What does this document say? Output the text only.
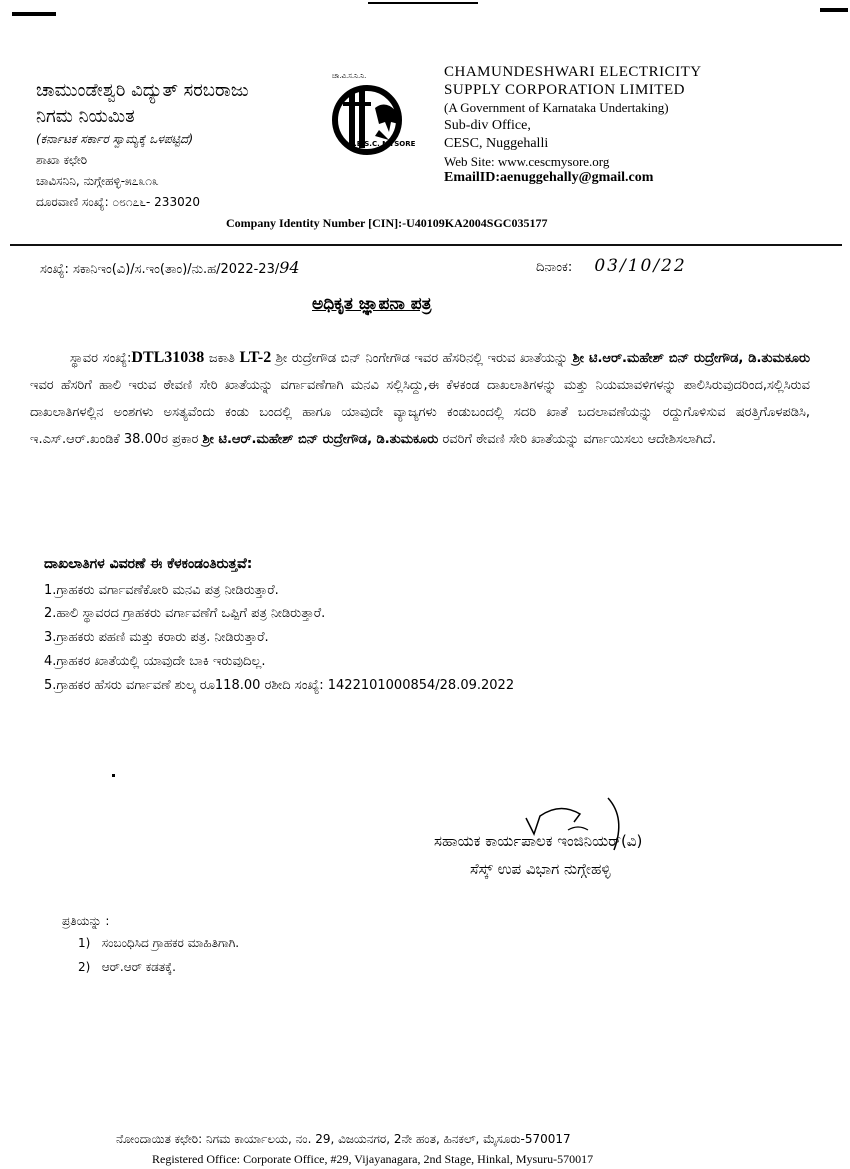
ಚಾಮುಂಡೇಶ್ವರಿ ವಿದ್ಯುತ್ ಸರಬರಾಜು
ನಿಗಮ ನಿಯಮಿತ
(ಕರ್ನಾಟಕ ಸರ್ಕಾರ ಸ್ವಾಮ್ಯಕ್ಕೆ ಒಳಪಟ್ಟಿದೆ)
ಶಾಖಾ ಕಛೇರಿ
ಚಾವಿಸನಿನಿ, ನುಗ್ಗೇಹಳ್ಳಿ-೫೭೩೧೩
ದೂರವಾಣಿ ಸಂಖ್ಯೆ: ೦೮೧೭೬- 233020
ಚಾ.ವಿ.ಸ.ನಿ.ನಿ.
C.E.S.C. MYSORE
CHAMUNDESHWARI ELECTRICITY
SUPPLY CORPORATION LIMITED
(A Government of Karnataka Undertaking)
Sub-div Office,
CESC, Nuggehalli
Web Site: www.cescmysore.org
EmailID:aenuggehally@gmail.com
Company Identity Number [CIN]:-U40109KA2004SGC035177
ಸಂಖ್ಯೆ: ಸಕಾನಿಇಂ(ವಿ)/ಸ.ಇಂ(ತಾಂ)/ನು.ಹ/2022-23/94	ದಿನಾಂಕ: 03/10/22
ಅಧಿಕೃತ ಜ್ಞಾಪನಾ ಪತ್ರ
ಸ್ಥಾವರ ಸಂಖ್ಯೆ:DTL31038 ಜಕಾತಿ LT-2 ಶ್ರೀ ರುದ್ರೇಗೌಡ ಬಿನ್ ನಿಂಗೇಗೌಡ ಇವರ ಹೆಸರಿನಲ್ಲಿ ಇರುವ ಖಾತೆಯನ್ನು ಶ್ರೀ ಟಿ.ಆರ್.ಮಹೇಶ್ ಬಿನ್ ರುದ್ರೇಗೌಡ, ಡಿ.ತುಮಕೂರು ಇವರ ಹೆಸರಿಗೆ ಹಾಲಿ ಇರುವ ಠೇವಣಿ ಸೇರಿ ಖಾತೆಯನ್ನು ವರ್ಗಾವಣೆಗಾಗಿ ಮನವಿ ಸಲ್ಲಿಸಿದ್ದು,ಈ ಕೆಳಕಂಡ ದಾಖಲಾತಿಗಳನ್ನು ಮತ್ತು ನಿಯಮಾವಳಿಗಳನ್ನು ಪಾಲಿಸಿರುವುದರಿಂದ,ಸಲ್ಲಿಸಿರುವ ದಾಖಲಾತಿಗಳಲ್ಲಿನ ಅಂಶಗಳು ಅಸತ್ಯವೆಂದು ಕಂಡು ಬಂದಲ್ಲಿ ಹಾಗೂ ಯಾವುದೇ ವ್ಯಾಜ್ಯಗಳು ಕಂಡುಬಂದಲ್ಲಿ ಸದರಿ ಖಾತೆ ಬದಲಾವಣೆಯನ್ನು ರದ್ದುಗೊಳಿಸುವ ಷರತ್ತಿಗೊಳಪಡಿಸಿ, ಇ.ಎಸ್.ಆರ್.ಖಂಡಿಕೆ 38.00ರ ಪ್ರಕಾರ ಶ್ರೀ ಟಿ.ಆರ್.ಮಹೇಶ್ ಬಿನ್ ರುದ್ರೇಗೌಡ, ಡಿ.ತುಮಕೂರು ರವರಿಗೆ ಠೇವಣಿ ಸೇರಿ ಖಾತೆಯನ್ನು ವರ್ಗಾಯಿಸಲು ಆದೇಶಿಸಲಾಗಿದೆ.
ದಾಖಲಾತಿಗಳ ವಿವರಣೆ ಈ ಕೆಳಕಂಡಂತಿರುತ್ತವೆ:
1.ಗ್ರಾಹಕರು ವರ್ಗಾವಣೆಕೋರಿ ಮನವಿ ಪತ್ರ ನೀಡಿರುತ್ತಾರೆ.
2.ಹಾಲಿ ಸ್ಥಾವರದ ಗ್ರಾಹಕರು ವರ್ಗಾವಣೆಗೆ ಒಪ್ಪಿಗೆ ಪತ್ರ ನೀಡಿರುತ್ತಾರೆ.
3.ಗ್ರಾಹಕರು ಪಹಣಿ ಮತ್ತು ಕರಾರು ಪತ್ರ. ನೀಡಿರುತ್ತಾರೆ.
4.ಗ್ರಾಹಕರ ಖಾತೆಯಲ್ಲಿ ಯಾವುದೇ ಬಾಕಿ ಇರುವುದಿಲ್ಲ.
5.ಗ್ರಾಹಕರ ಹೆಸರು ವರ್ಗಾವಣೆ ಶುಲ್ಕ ರೂ118.00 ರಶೀದಿ ಸಂಖ್ಯೆ: 1422101000854/28.09.2022
ಸಹಾಯಕ ಕಾರ್ಯಪಾಲಕ ಇಂಜಿನಿಯರ್(ವಿ)
ಸೆಸ್ಕ್ ಉಪ ವಿಭಾಗ ನುಗ್ಗೇಹಳ್ಳಿ
ಪ್ರತಿಯನ್ನು :
1)   ಸಂಬಂಧಿಸಿದ ಗ್ರಾಹಕರ ಮಾಹಿತಿಗಾಗಿ.
2)   ಆರ್.ಆರ್ ಕಡತಕ್ಕೆ.
ನೋಂದಾಯಿತ ಕಛೇರಿ: ನಿಗಮ ಕಾರ್ಯಾಲಯ, ನಂ. 29, ವಿಜಯನಗರ, 2ನೇ ಹಂತ, ಹಿನಕಲ್, ಮೈಸೂರು-570017
Registered Office: Corporate Office, #29, Vijayanagara, 2nd Stage, Hinkal, Mysuru-570017
